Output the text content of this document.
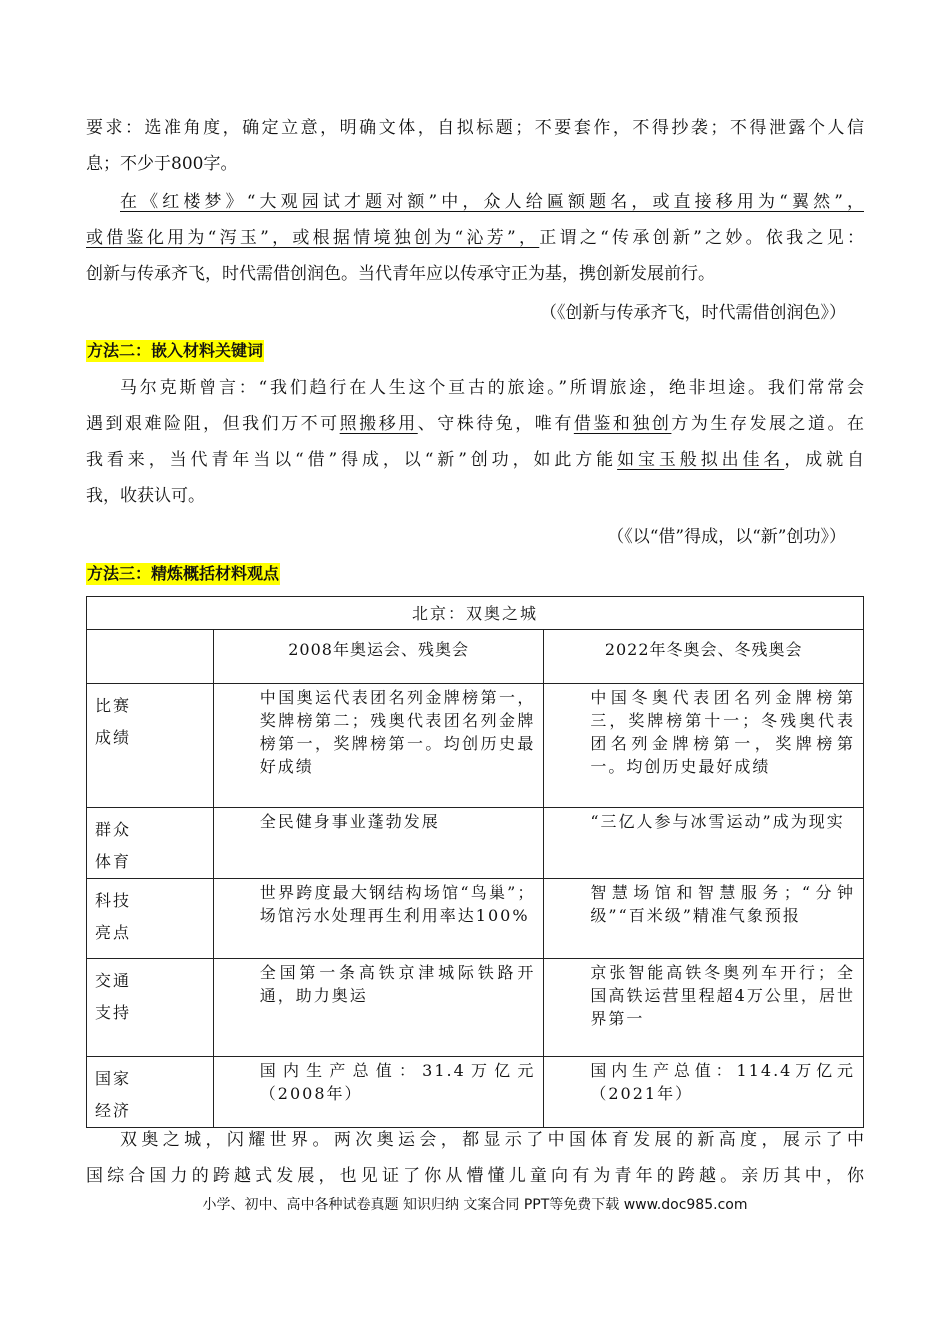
要求：选准角度，确定立意，明确文体，自拟标题；不要套作，不得抄袭；不得泄露个人信
息；不少于800字。
在《红楼梦》“大观园试才题对额”中，众人给匾额题名，或直接移用为“翼然”，
或借鉴化用为“泻玉”，或根据情境独创为“沁芳”，正谓之“传承创新”之妙。依我之见：
创新与传承齐飞，时代需借创润色。当代青年应以传承守正为基，携创新发展前行。
（《创新与传承齐飞，时代需借创润色》）
方法二：嵌入材料关键词
马尔克斯曾言：“我们趋行在人生这个亘古的旅途。”所谓旅途，绝非坦途。我们常常会
遇到艰难险阻，但我们万不可照搬移用、守株待兔，唯有借鉴和独创方为生存发展之道。在
我看来，当代青年当以“借”得成，以“新”创功，如此方能如宝玉般拟出佳名，成就自
我，收获认可。
（《以“借”得成，以“新”创功》）
方法三：精炼概括材料观点
北京：双奥之城		
	2008年奥运会、残奥会	2022年冬奥会、冬残奥会

比赛
成绩	中国奥运代表团名列金牌榜第一，奖牌榜第二；残奥代表团名列金牌榜第一，奖牌榜第一。均创历史最好成绩	中国冬奥代表团名列金牌榜第三，奖牌榜第十一；冬残奥代表团名列金牌榜第一，奖牌榜第一。均创历史最好成绩

群众
体育	全民健身事业蓬勃发展	“三亿人参与冰雪运动”成为现实

科技
亮点	世界跨度最大钢结构场馆“鸟巢”；场馆污水处理再生利用率达100%	智慧场馆和智慧服务；“分钟级”“百米级”精准气象预报

交通
支持	全国第一条高铁京津城际铁路开通，助力奥运	京张智能高铁冬奥列车开行；全国高铁运营里程超4万公里，居世界第一

国家
经济	国内生产总值：31.4万亿元（2008年）	国内生产总值：114.4万亿元（2021年）
双奥之城，闪耀世界。两次奥运会，都显示了中国体育发展的新高度，展示了中
国综合国力的跨越式发展，也见证了你从懵懂儿童向有为青年的跨越。亲历其中，你
小学、初中、高中各种试卷真题 知识归纳 文案合同 PPT等免费下载 www.doc985.com
